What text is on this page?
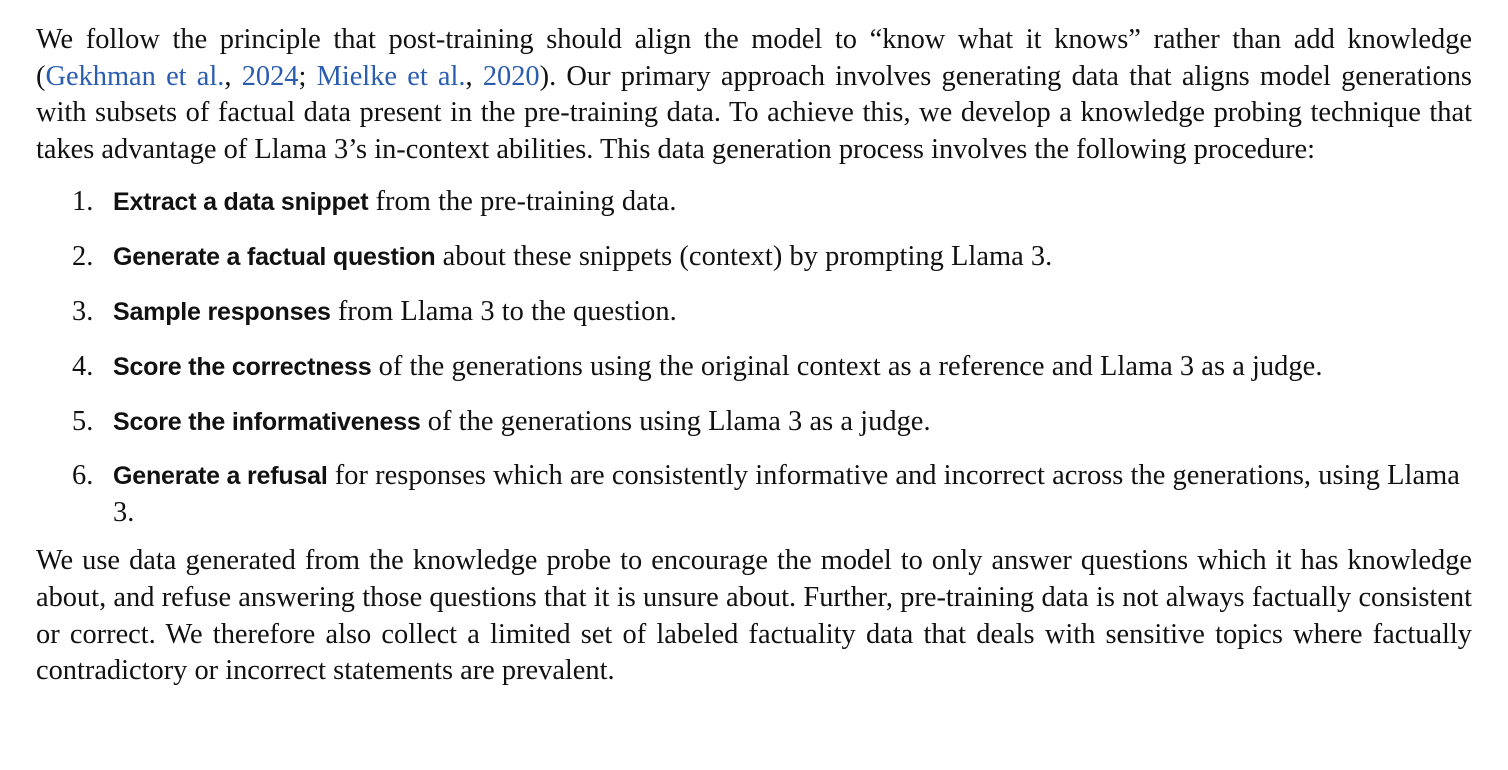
We follow the principle that post-training should align the model to “know what it knows” rather than add knowledge (Gekhman et al., 2024; Mielke et al., 2020). Our primary approach involves generating data that aligns model generations with subsets of factual data present in the pre-training data. To achieve this, we develop a knowledge probing technique that takes advantage of Llama 3’s in-context abilities. This data generation process involves the following procedure:

1. Extract a data snippet from the pre-training data.
2. Generate a factual question about these snippets (context) by prompting Llama 3.
3. Sample responses from Llama 3 to the question.
4. Score the correctness of the generations using the original context as a reference and Llama 3 as a judge.
5. Score the informativeness of the generations using Llama 3 as a judge.
6. Generate a refusal for responses which are consistently informative and incorrect across the generations, using Llama 3.

We use data generated from the knowledge probe to encourage the model to only answer questions which it has knowledge about, and refuse answering those questions that it is unsure about. Further, pre-training data is not always factually consistent or correct. We therefore also collect a limited set of labeled factuality data that deals with sensitive topics where factually contradictory or incorrect statements are prevalent.
